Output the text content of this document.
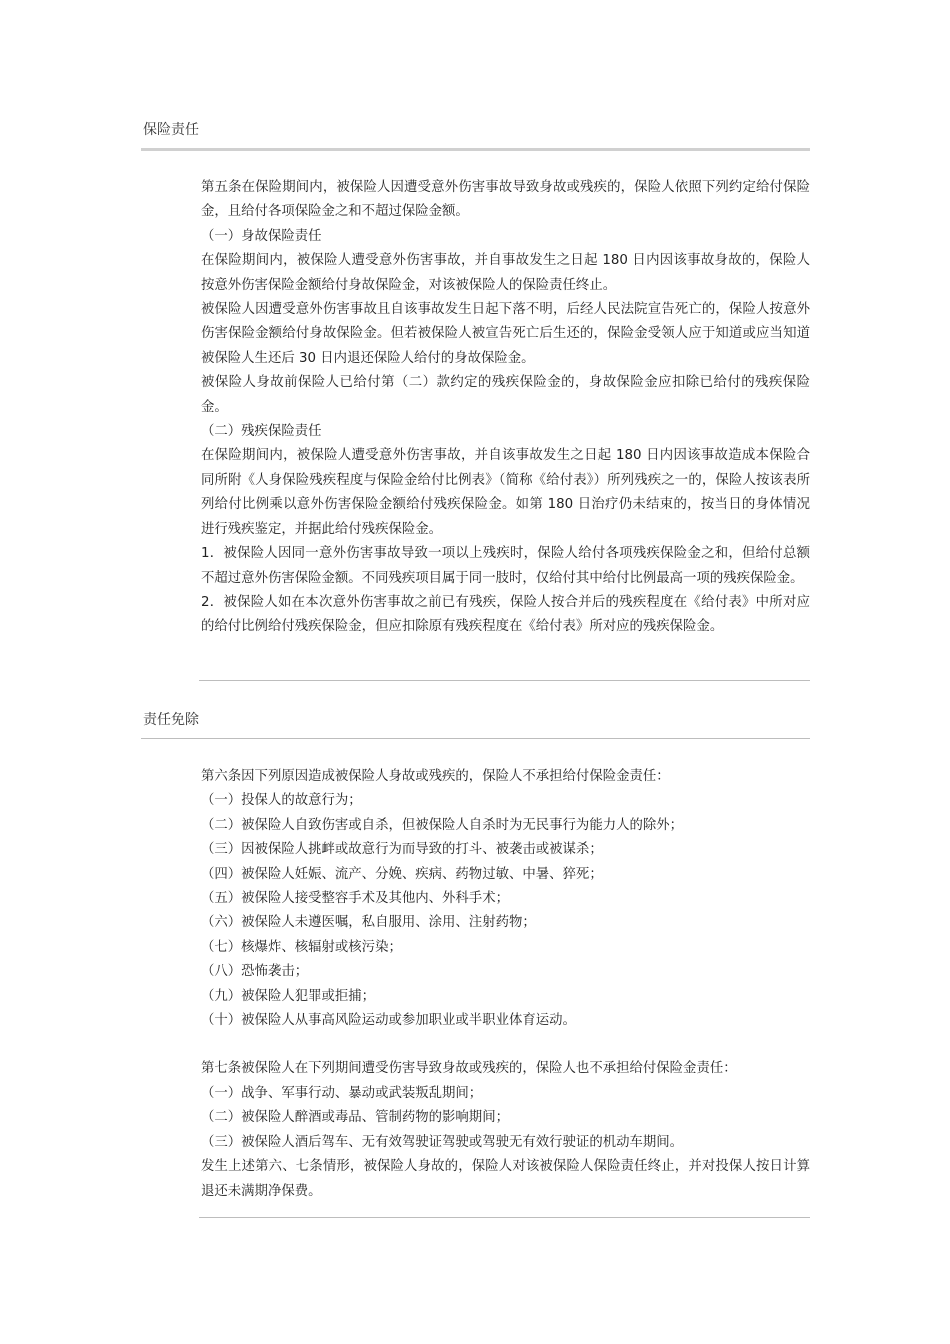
保险责任

第五条在保险期间内，被保险人因遭受意外伤害事故导致身故或残疾的，保险人依照下列约定给付保险金，且给付各项保险金之和不超过保险金额。

（一）身故保险责任

在保险期间内，被保险人遭受意外伤害事故，并自事故发生之日起 180 日内因该事故身故的，保险人按意外伤害保险金额给付身故保险金，对该被保险人的保险责任终止。

被保险人因遭受意外伤害事故且自该事故发生日起下落不明，后经人民法院宣告死亡的，保险人按意外伤害保险金额给付身故保险金。但若被保险人被宣告死亡后生还的，保险金受领人应于知道或应当知道被保险人生还后 30 日内退还保险人给付的身故保险金。

被保险人身故前保险人已给付第（二）款约定的残疾保险金的，身故保险金应扣除已给付的残疾保险金。

（二）残疾保险责任

在保险期间内，被保险人遭受意外伤害事故，并自该事故发生之日起 180 日内因该事故造成本保险合同所附《人身保险残疾程度与保险金给付比例表》（简称《给付表》）所列残疾之一的，保险人按该表所列给付比例乘以意外伤害保险金额给付残疾保险金。如第 180 日治疗仍未结束的，按当日的身体情况进行残疾鉴定，并据此给付残疾保险金。

1．被保险人因同一意外伤害事故导致一项以上残疾时，保险人给付各项残疾保险金之和，但给付总额不超过意外伤害保险金额。不同残疾项目属于同一肢时，仅给付其中给付比例最高一项的残疾保险金。

2．被保险人如在本次意外伤害事故之前已有残疾，保险人按合并后的残疾程度在《给付表》中所对应的给付比例给付残疾保险金，但应扣除原有残疾程度在《给付表》所对应的残疾保险金。

责任免除

第六条因下列原因造成被保险人身故或残疾的，保险人不承担给付保险金责任：

（一）投保人的故意行为；

（二）被保险人自致伤害或自杀，但被保险人自杀时为无民事行为能力人的除外；

（三）因被保险人挑衅或故意行为而导致的打斗、被袭击或被谋杀；

（四）被保险人妊娠、流产、分娩、疾病、药物过敏、中暑、猝死；

（五）被保险人接受整容手术及其他内、外科手术；

（六）被保险人未遵医嘱，私自服用、涂用、注射药物；

（七）核爆炸、核辐射或核污染；

（八）恐怖袭击；

（九）被保险人犯罪或拒捕；

（十）被保险人从事高风险运动或参加职业或半职业体育运动。

第七条被保险人在下列期间遭受伤害导致身故或残疾的，保险人也不承担给付保险金责任：

（一）战争、军事行动、暴动或武装叛乱期间；

（二）被保险人醉酒或毒品、管制药物的影响期间；

（三）被保险人酒后驾车、无有效驾驶证驾驶或驾驶无有效行驶证的机动车期间。

发生上述第六、七条情形，被保险人身故的，保险人对该被保险人保险责任终止，并对投保人按日计算退还未满期净保费。
